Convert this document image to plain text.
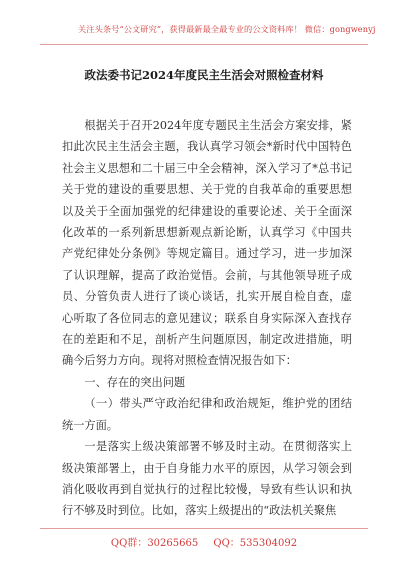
关注头条号“公文研究”，获得最新最全最专业的公文资料库！ 微信：gongwenyj
政法委书记2024年度民主生活会对照检查材料

根据关于召开2024年度专题民主生活会方案安排，紧扣此次民主生活会主题，我认真学习领会*新时代中国特色社会主义思想和二十届三中全会精神，深入学习了*总书记关于党的建设的重要思想、关于党的自我革命的重要思想以及关于全面加强党的纪律建设的重要论述、关于全面深化改革的一系列新思想新观点新论断，认真学习《中国共产党纪律处分条例》等规定篇目。通过学习，进一步加深了认识理解，提高了政治觉悟。会前，与其他领导班子成员、分管负责人进行了谈心谈话，扎实开展自检自查，虚心听取了各位同志的意见建议；联系自身实际深入查找存在的差距和不足，剖析产生问题原因，制定改进措施，明确今后努力方向。现将对照检查情况报告如下：

一、存在的突出问题

（一）带头严守政治纪律和政治规矩，维护党的团结统一方面。

一是落实上级决策部署不够及时主动。在贯彻落实上级决策部署上，由于自身能力水平的原因，从学习领会到消化吸收再到自觉执行的过程比较慢，导致有些认识和执行不够及时到位。比如，落实上级提出的“政法机关聚焦

QQ群：30265665 QQ：535304092
